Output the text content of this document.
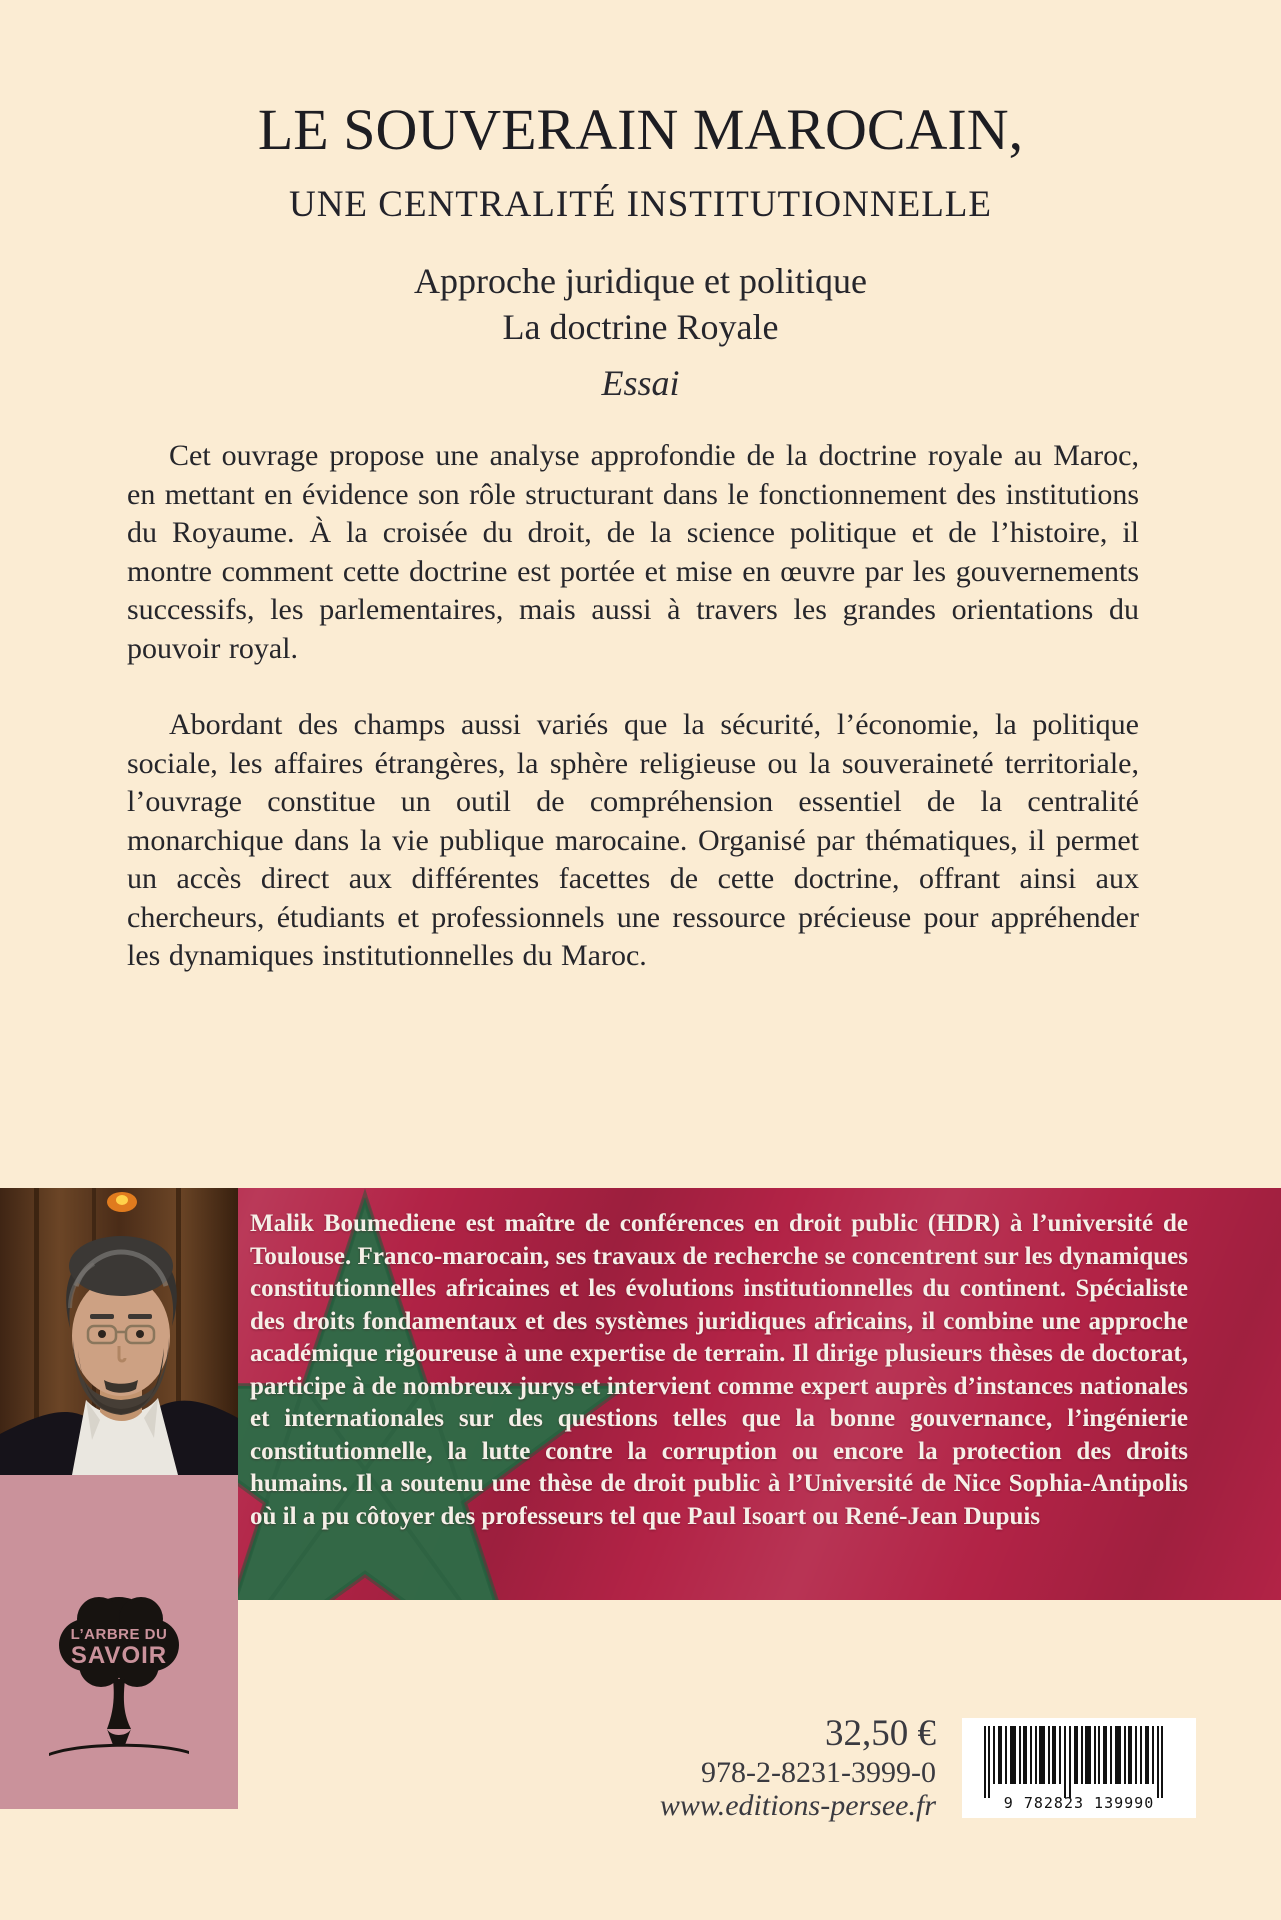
LE SOUVERAIN MAROCAIN,
UNE CENTRALITÉ INSTITUTIONNELLE
Approche juridique et politique
La doctrine Royale
Essai

Cet ouvrage propose une analyse approfondie de la doctrine royale au Maroc, en mettant en évidence son rôle structurant dans le fonctionnement des institutions du Royaume. À la croisée du droit, de la science politique et de l’histoire, il montre comment cette doctrine est portée et mise en œuvre par les gouvernements successifs, les parlementaires, mais aussi à travers les grandes orientations du pouvoir royal.

Abordant des champs aussi variés que la sécurité, l’économie, la politique sociale, les affaires étrangères, la sphère religieuse ou la souveraineté territoriale, l’ouvrage constitue un outil de compréhension essentiel de la centralité monarchique dans la vie publique marocaine. Organisé par thématiques, il permet un accès direct aux différentes facettes de cette doctrine, offrant ainsi aux chercheurs, étudiants et professionnels une ressource précieuse pour appréhender les dynamiques institutionnelles du Maroc.

Malik Boumediene est maître de conférences en droit public (HDR) à l’université de Toulouse. Franco-marocain, ses travaux de recherche se concentrent sur les dynamiques constitutionnelles africaines et les évolutions institutionnelles du continent. Spécialiste des droits fondamentaux et des systèmes juridiques africains, il combine une approche académique rigoureuse à une expertise de terrain. Il dirige plusieurs thèses de doctorat, participe à de nombreux jurys et intervient comme expert auprès d’instances nationales et internationales sur des questions telles que la bonne gouvernance, l’ingénierie constitutionnelle, la lutte contre la corruption ou encore la protection des droits humains. Il a soutenu une thèse de droit public à l’Université de Nice Sophia-Antipolis où il a pu côtoyer des professeurs tel que Paul Isoart ou René-Jean Dupuis
L’ARBRE DU
SAVOIR
32,50 €
978-2-8231-3999-0
www.editions-persee.fr	9 782823 139990
